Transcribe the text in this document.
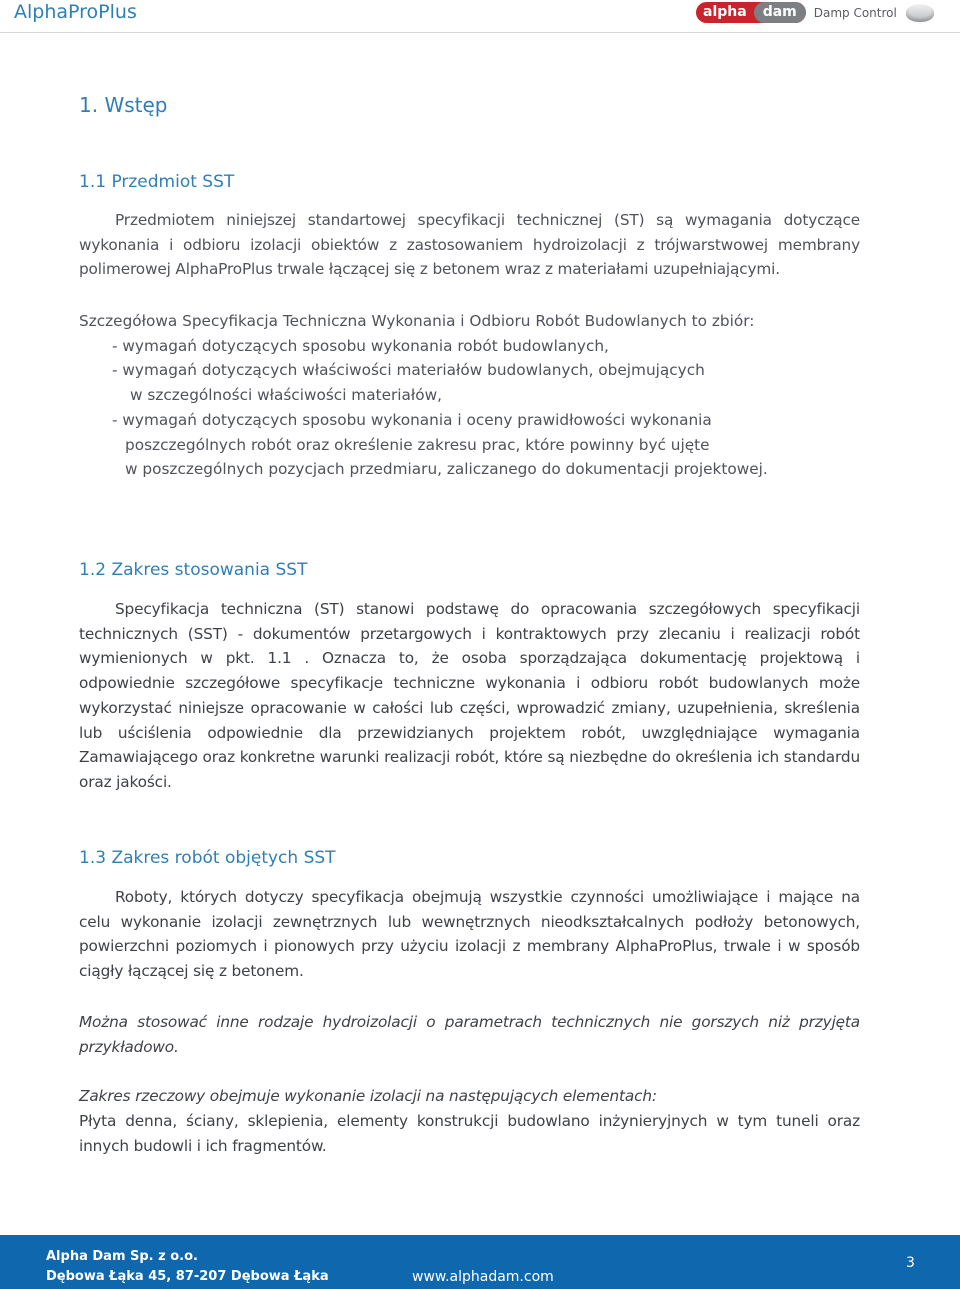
AlphaProPlus	alpha	dam	Damp Control
1. Wstęp
1.1 Przedmiot SST

Przedmiotem niniejszej standartowej specyfikacji technicznej (ST) są wymagania dotyczące wykonania i odbioru izolacji obiektów z zastosowaniem hydroizolacji z trójwarstwowej membrany polimerowej AlphaProPlus trwale łączącej się z betonem wraz z materiałami uzupełniającymi.

Szczegółowa Specyfikacja Techniczna Wykonania i Odbioru Robót Budowlanych to zbiór:
- wymagań dotyczących sposobu wykonania robót budowlanych,
- wymagań dotyczących właściwości materiałów budowlanych, obejmujących
w szczególności właściwości materiałów,
- wymagań dotyczących sposobu wykonania i oceny prawidłowości wykonania
poszczególnych robót oraz określenie zakresu prac, które powinny być ujęte
w poszczególnych pozycjach przedmiaru, zaliczanego do dokumentacji projektowej.
1.2 Zakres stosowania SST

Specyfikacja techniczna (ST) stanowi podstawę do opracowania szczegółowych specyfikacji technicznych (SST) - dokumentów przetargowych i kontraktowych przy zlecaniu i realizacji robót wymienionych w pkt. 1.1 . Oznacza to, że osoba sporządzająca dokumentację projektową i odpowiednie szczegółowe specyfikacje techniczne wykonania i odbioru robót budowlanych może wykorzystać niniejsze opracowanie w całości lub części, wprowadzić zmiany, uzupełnienia, skreślenia lub uściślenia odpowiednie dla przewidzianych projektem robót, uwzględniające wymagania Zamawiającego oraz konkretne warunki realizacji robót, które są niezbędne do określenia ich standardu oraz jakości.

1.3 Zakres robót objętych SST

Roboty, których dotyczy specyfikacja obejmują wszystkie czynności umożliwiające i mające na celu wykonanie izolacji zewnętrznych lub wewnętrznych nieodkształcalnych podłoży betonowych, powierzchni poziomych i pionowych przy użyciu izolacji z membrany AlphaProPlus, trwale i w sposób ciągły łączącej się z betonem.

Można stosować inne rodzaje hydroizolacji o parametrach technicznych nie gorszych niż przyjęta przykładowo.

Zakres rzeczowy obejmuje wykonanie izolacji na następujących elementach:

Płyta denna, ściany, sklepienia, elementy konstrukcji budowlano inżynieryjnych w tym tuneli oraz innych budowli i ich fragmentów.

Alpha Dam Sp. z o.o.
Dębowa Łąka 45, 87-207 Dębowa Łąka	www.alphadam.com
3
